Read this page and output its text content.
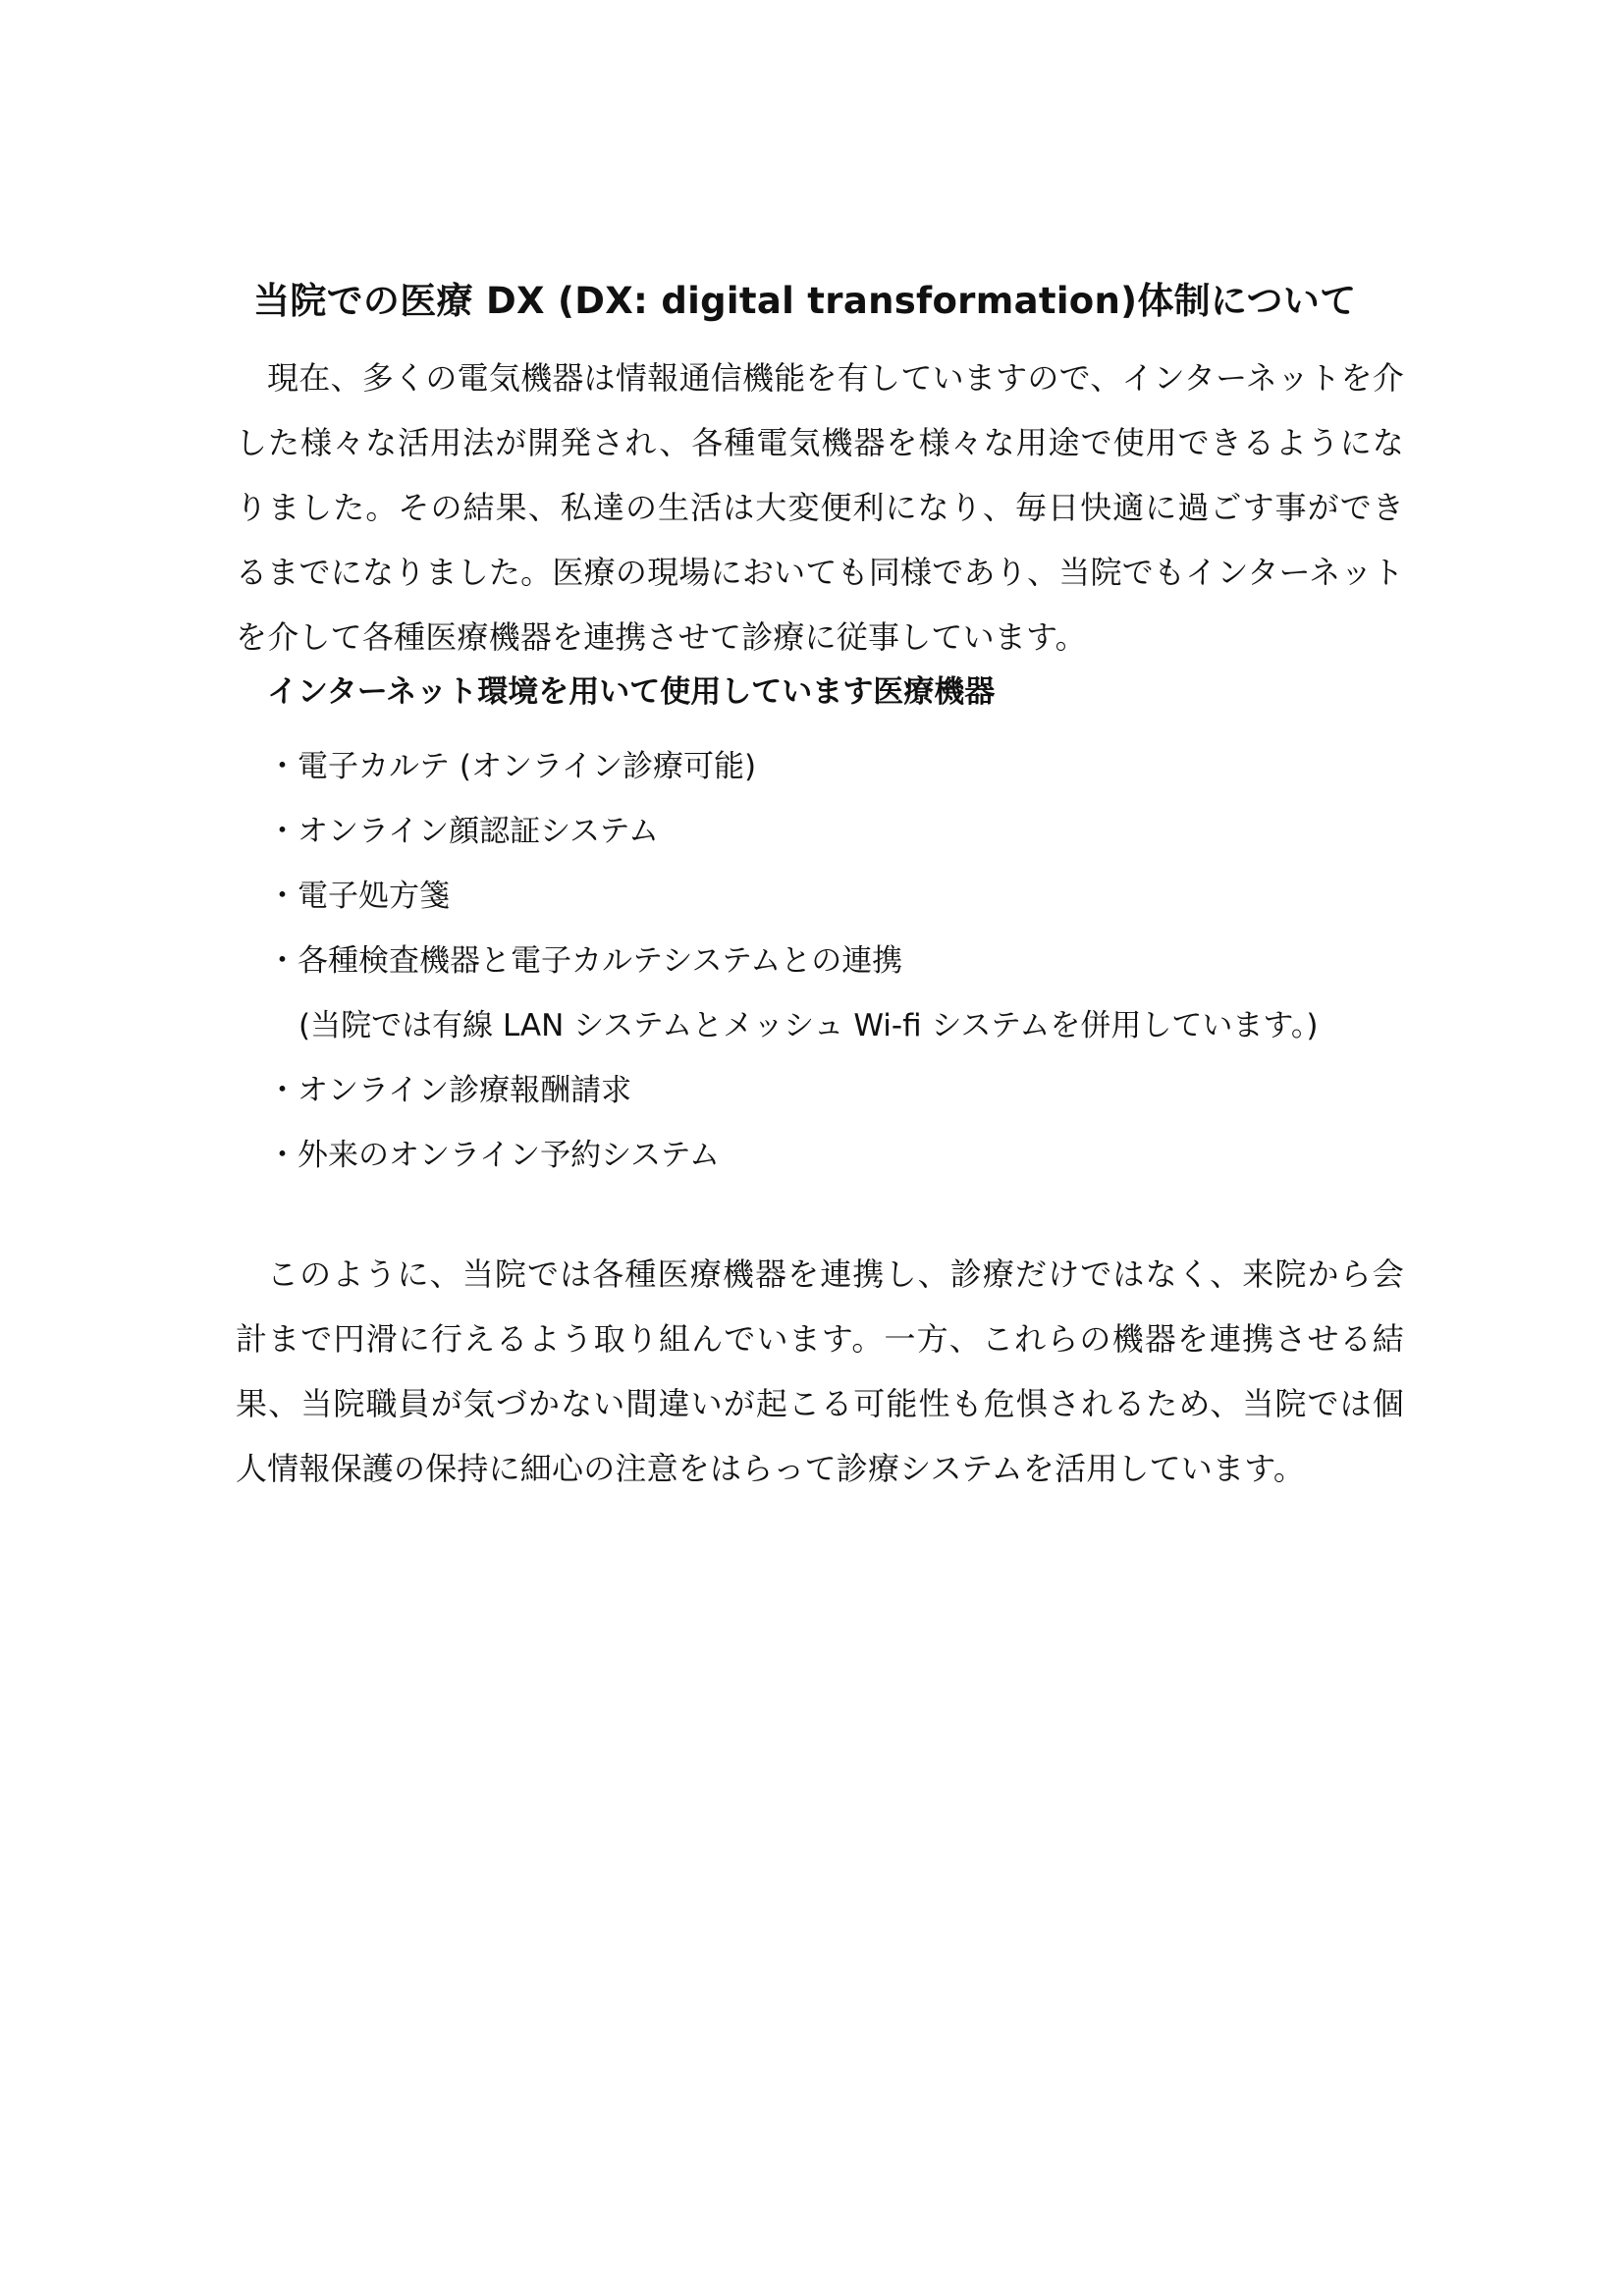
当院での医療 DX (DX: digital transformation)体制について

現在、多くの電気機器は情報通信機能を有していますので、インターネットを介した様々な活用法が開発され、各種電気機器を様々な用途で使用できるようになりました。その結果、私達の生活は大変便利になり、毎日快適に過ごす事ができるまでになりました。医療の現場においても同様であり、当院でもインターネットを介して各種医療機器を連携させて診療に従事しています。

インターネット環境を用いて使用しています医療機器
・電子カルテ (オンライン診療可能)
・オンライン顔認証システム
・電子処方箋
・各種検査機器と電子カルテシステムとの連携
(当院では有線 LAN システムとメッシュ Wi-fi システムを併用しています。)
・オンライン診療報酬請求
・外来のオンライン予約システム

このように、当院では各種医療機器を連携し、診療だけではなく、来院から会計まで円滑に行えるよう取り組んでいます。一方、これらの機器を連携させる結果、当院職員が気づかない間違いが起こる可能性も危惧されるため、当院では個人情報保護の保持に細心の注意をはらって診療システムを活用しています。
